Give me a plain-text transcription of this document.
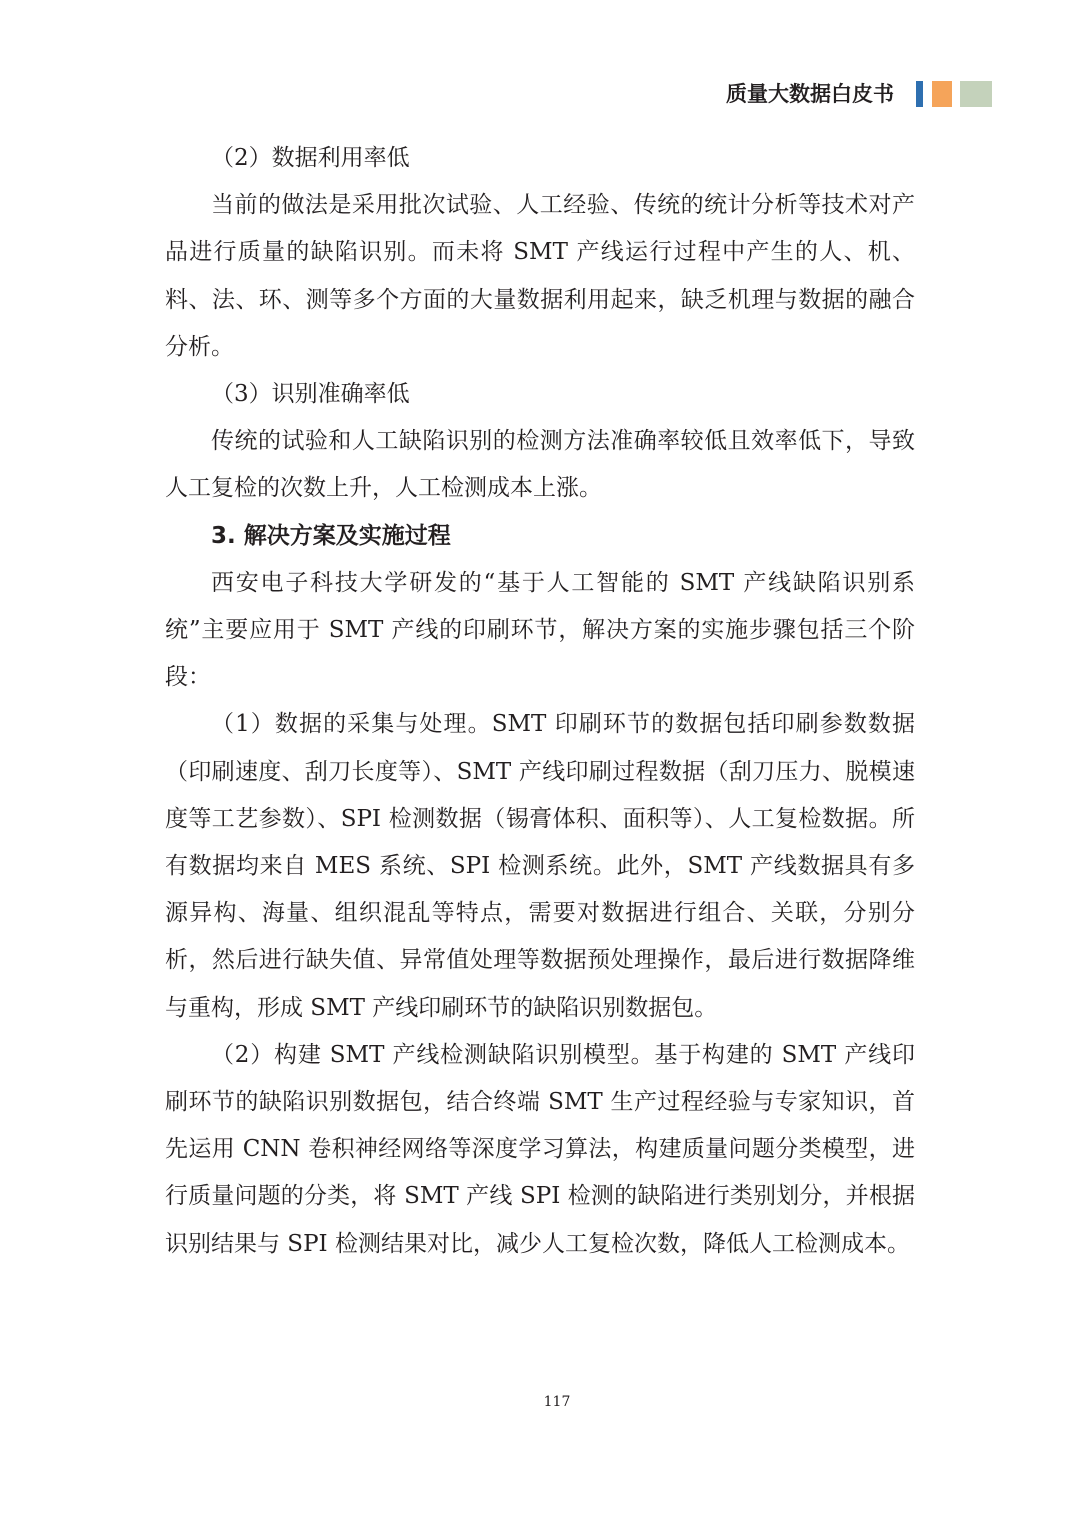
质量大数据白皮书

（2）数据利用率低

当前的做法是采用批次试验、人工经验、传统的统计分析等技术对产品进行质量的缺陷识别。而未将 SMT 产线运行过程中产生的人、机、料、法、环、测等多个方面的大量数据利用起来，缺乏机理与数据的融合分析。

（3）识别准确率低

传统的试验和人工缺陷识别的检测方法准确率较低且效率低下，导致人工复检的次数上升，人工检测成本上涨。

3. 解决方案及实施过程

西安电子科技大学研发的“基于人工智能的 SMT 产线缺陷识别系统”主要应用于 SMT 产线的印刷环节，解决方案的实施步骤包括三个阶段：

（1）数据的采集与处理。SMT 印刷环节的数据包括印刷参数数据（印刷速度、刮刀长度等）、SMT 产线印刷过程数据（刮刀压力、脱模速度等工艺参数）、SPI 检测数据（锡膏体积、面积等）、人工复检数据。所有数据均来自 MES 系统、SPI 检测系统。此外，SMT 产线数据具有多源异构、海量、组织混乱等特点，需要对数据进行组合、关联，分别分析，然后进行缺失值、异常值处理等数据预处理操作，最后进行数据降维与重构，形成 SMT 产线印刷环节的缺陷识别数据包。

（2）构建 SMT 产线检测缺陷识别模型。基于构建的 SMT 产线印刷环节的缺陷识别数据包，结合终端 SMT 生产过程经验与专家知识，首先运用 CNN 卷积神经网络等深度学习算法，构建质量问题分类模型，进行质量问题的分类，将 SMT 产线 SPI 检测的缺陷进行类别划分，并根据识别结果与 SPI 检测结果对比，减少人工复检次数，降低人工检测成本。

117
